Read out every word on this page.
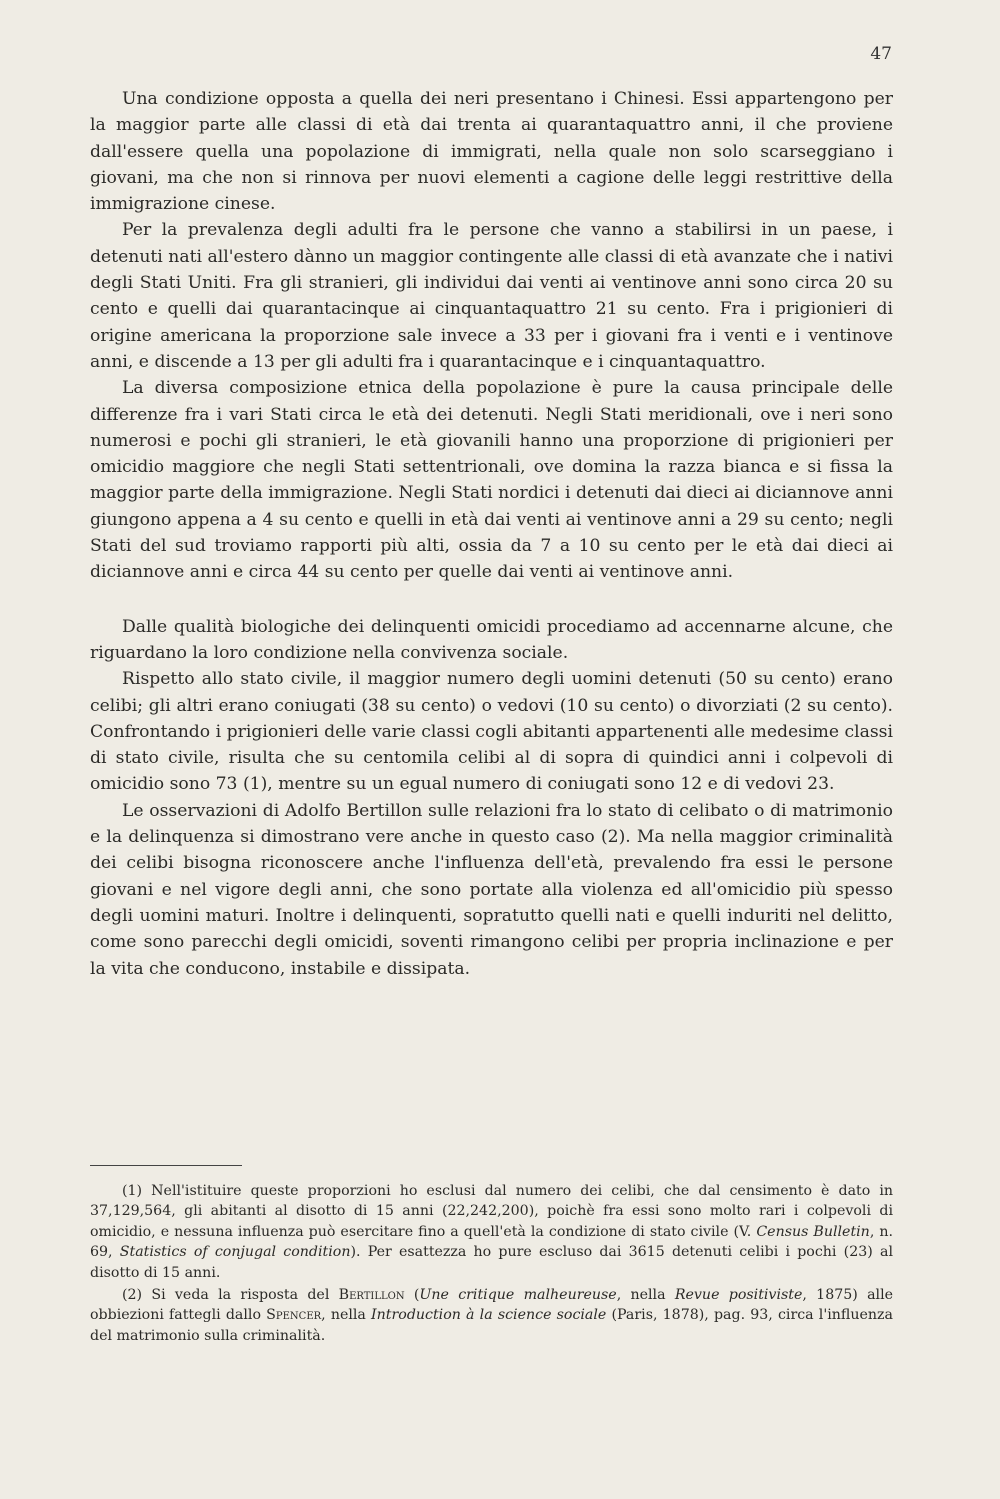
47

Una condizione opposta a quella dei neri presentano i Chinesi. Essi appartengono per la maggior parte alle classi di età dai trenta ai quarantaquattro anni, il che proviene dall'essere quella una popolazione di immigrati, nella quale non solo scarseggiano i giovani, ma che non si rinnova per nuovi elementi a cagione delle leggi restrittive della immigrazione cinese.

Per la prevalenza degli adulti fra le persone che vanno a stabilirsi in un paese, i detenuti nati all'estero dànno un maggior contingente alle classi di età avanzate che i nativi degli Stati Uniti. Fra gli stranieri, gli individui dai venti ai ventinove anni sono circa 20 su cento e quelli dai quarantacinque ai cinquantaquattro 21 su cento. Fra i prigionieri di origine americana la proporzione sale invece a 33 per i giovani fra i venti e i ventinove anni, e discende a 13 per gli adulti fra i quarantacinque e i cinquantaquattro.

La diversa composizione etnica della popolazione è pure la causa principale delle differenze fra i vari Stati circa le età dei detenuti. Negli Stati meridionali, ove i neri sono numerosi e pochi gli stranieri, le età giovanili hanno una proporzione di prigionieri per omicidio maggiore che negli Stati settentrionali, ove domina la razza bianca e si fissa la maggior parte della immigrazione. Negli Stati nordici i detenuti dai dieci ai diciannove anni giungono appena a 4 su cento e quelli in età dai venti ai ventinove anni a 29 su cento; negli Stati del sud troviamo rapporti più alti, ossia da 7 a 10 su cento per le età dai dieci ai diciannove anni e circa 44 su cento per quelle dai venti ai ventinove anni.

Dalle qualità biologiche dei delinquenti omicidi procediamo ad accennarne alcune, che riguardano la loro condizione nella convivenza sociale.

Rispetto allo stato civile, il maggior numero degli uomini detenuti (50 su cento) erano celibi; gli altri erano coniugati (38 su cento) o vedovi (10 su cento) o divorziati (2 su cento). Confrontando i prigionieri delle varie classi cogli abitanti appartenenti alle medesime classi di stato civile, risulta che su centomila celibi al di sopra di quindici anni i colpevoli di omicidio sono 73 (1), mentre su un egual numero di coniugati sono 12 e di vedovi 23.

Le osservazioni di Adolfo Bertillon sulle relazioni fra lo stato di celibato o di matrimonio e la delinquenza si dimostrano vere anche in questo caso (2). Ma nella maggior criminalità dei celibi bisogna riconoscere anche l'influenza dell'età, prevalendo fra essi le persone giovani e nel vigore degli anni, che sono portate alla violenza ed all'omicidio più spesso degli uomini maturi. Inoltre i delinquenti, sopratutto quelli nati e quelli induriti nel delitto, come sono parecchi degli omicidi, soventi rimangono celibi per propria inclinazione e per la vita che conducono, instabile e dissipata.

(1) Nell'istituire queste proporzioni ho esclusi dal numero dei celibi, che dal censimento è dato in 37,129,564, gli abitanti al disotto di 15 anni (22,242,200), poichè fra essi sono molto rari i colpevoli di omicidio, e nessuna influenza può esercitare fino a quell'età la condizione di stato civile (V. Census Bulletin, n. 69, Statistics of conjugal condition). Per esattezza ho pure escluso dai 3615 detenuti celibi i pochi (23) al disotto di 15 anni.

(2) Si veda la risposta del Bertillon (Une critique malheureuse, nella Revue positiviste, 1875) alle obbiezioni fattegli dallo Spencer, nella Introduction à la science sociale (Paris, 1878), pag. 93, circa l'influenza del matrimonio sulla criminalità.
